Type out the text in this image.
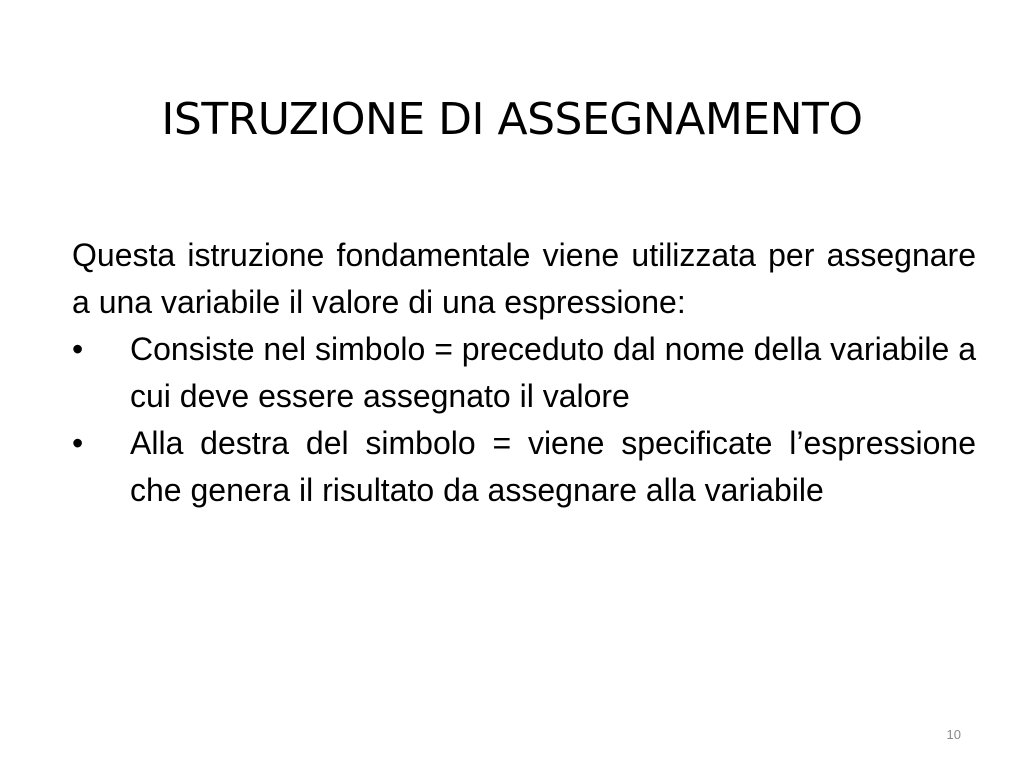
ISTRUZIONE DI ASSEGNAMENTO

Questa istruzione fondamentale viene utilizzata per assegnare a una variabile il valore di una espressione:

• Consiste nel simbolo = preceduto dal nome della variabile a cui deve essere assegnato il valore
• Alla destra del simbolo = viene specificate l’espressione che genera il risultato da assegnare alla variabile
10
